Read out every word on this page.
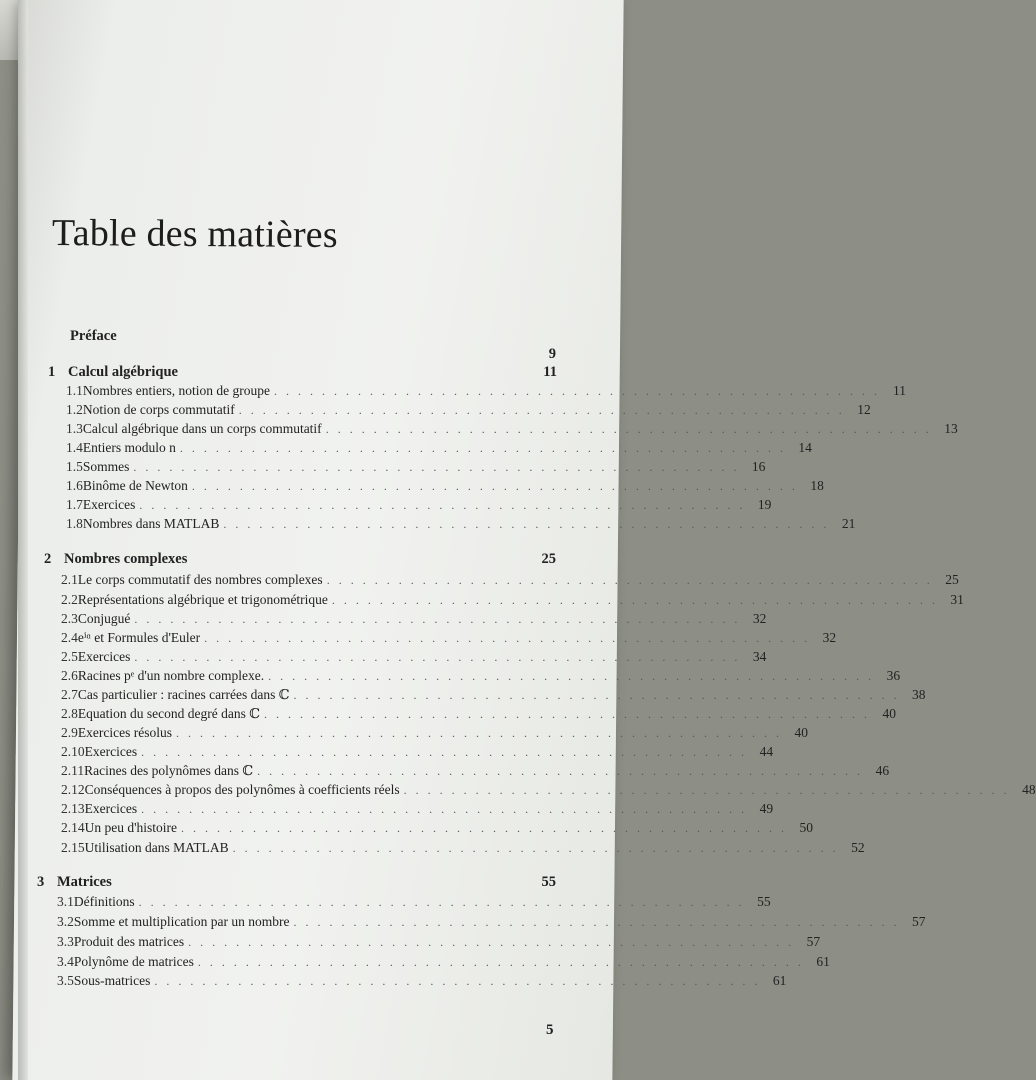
Table des matières
Préface
9
1 Calcul algébrique	11
1.1 Nombres entiers, notion de groupe . . . . . . . . . . . . . . . . . . . . . . . . . . . . . . . . . . . . . . . . . . . . . . . . . . . 11
1.2 Notion de corps commutatif . . . . . . . . . . . . . . . . . . . . . . . . . . . . . . . . . . . . . . . . . . . . . . . . . . . 12
1.3 Calcul algébrique dans un corps commutatif . . . . . . . . . . . . . . . . . . . . . . . . . . . . . . . . . . . . . . . . . . . . . . . . . . . 13
1.4 Entiers modulo n . . . . . . . . . . . . . . . . . . . . . . . . . . . . . . . . . . . . . . . . . . . . . . . . . . . 14
1.5 Sommes . . . . . . . . . . . . . . . . . . . . . . . . . . . . . . . . . . . . . . . . . . . . . . . . . . . 16
1.6 Binôme de Newton . . . . . . . . . . . . . . . . . . . . . . . . . . . . . . . . . . . . . . . . . . . . . . . . . . . 18
1.7 Exercices . . . . . . . . . . . . . . . . . . . . . . . . . . . . . . . . . . . . . . . . . . . . . . . . . . . 19
1.8 Nombres dans MATLAB . . . . . . . . . . . . . . . . . . . . . . . . . . . . . . . . . . . . . . . . . . . . . . . . . . . 21
2 Nombres complexes	25
2.1 Le corps commutatif des nombres complexes . . . . . . . . . . . . . . . . . . . . . . . . . . . . . . . . . . . . . . . . . . . . . . . . . . . 25
2.2 Représentations algébrique et trigonométrique . . . . . . . . . . . . . . . . . . . . . . . . . . . . . . . . . . . . . . . . . . . . . . . . . . . 31
2.3 Conjugué . . . . . . . . . . . . . . . . . . . . . . . . . . . . . . . . . . . . . . . . . . . . . . . . . . . 32
2.4 eⁱᵅ et Formules d'Euler . . . . . . . . . . . . . . . . . . . . . . . . . . . . . . . . . . . . . . . . . . . . . . . . . . . 32
2.5 Exercices . . . . . . . . . . . . . . . . . . . . . . . . . . . . . . . . . . . . . . . . . . . . . . . . . . . 34
2.6 Racines pᵉ d'un nombre complexe. . . . . . . . . . . . . . . . . . . . . . . . . . . . . . . . . . . . . . . . . . . . . . . . . . . . 36
2.7 Cas particulier : racines carrées dans ℂ . . . . . . . . . . . . . . . . . . . . . . . . . . . . . . . . . . . . . . . . . . . . . . . . . . . 38
2.8 Equation du second degré dans ℂ . . . . . . . . . . . . . . . . . . . . . . . . . . . . . . . . . . . . . . . . . . . . . . . . . . . 40
2.9 Exercices résolus . . . . . . . . . . . . . . . . . . . . . . . . . . . . . . . . . . . . . . . . . . . . . . . . . . . 40
2.10 Exercices . . . . . . . . . . . . . . . . . . . . . . . . . . . . . . . . . . . . . . . . . . . . . . . . . . . 44
2.11 Racines des polynômes dans ℂ . . . . . . . . . . . . . . . . . . . . . . . . . . . . . . . . . . . . . . . . . . . . . . . . . . . 46
2.12 Conséquences à propos des polynômes à coefficients réels . . . . . . . . . . . . . . . . . . . . . . . . . . . . . . . . . . . . . . . . . . . . . . . . . . . 48
2.13 Exercices . . . . . . . . . . . . . . . . . . . . . . . . . . . . . . . . . . . . . . . . . . . . . . . . . . . 49
2.14 Un peu d'histoire . . . . . . . . . . . . . . . . . . . . . . . . . . . . . . . . . . . . . . . . . . . . . . . . . . . 50
2.15 Utilisation dans MATLAB . . . . . . . . . . . . . . . . . . . . . . . . . . . . . . . . . . . . . . . . . . . . . . . . . . . 52
3 Matrices	55
3.1 Définitions . . . . . . . . . . . . . . . . . . . . . . . . . . . . . . . . . . . . . . . . . . . . . . . . . . . 55
3.2 Somme et multiplication par un nombre . . . . . . . . . . . . . . . . . . . . . . . . . . . . . . . . . . . . . . . . . . . . . . . . . . . 57
3.3 Produit des matrices . . . . . . . . . . . . . . . . . . . . . . . . . . . . . . . . . . . . . . . . . . . . . . . . . . . 57
3.4 Polynôme de matrices . . . . . . . . . . . . . . . . . . . . . . . . . . . . . . . . . . . . . . . . . . . . . . . . . . . 61
3.5 Sous-matrices . . . . . . . . . . . . . . . . . . . . . . . . . . . . . . . . . . . . . . . . . . . . . . . . . . . 61
5
